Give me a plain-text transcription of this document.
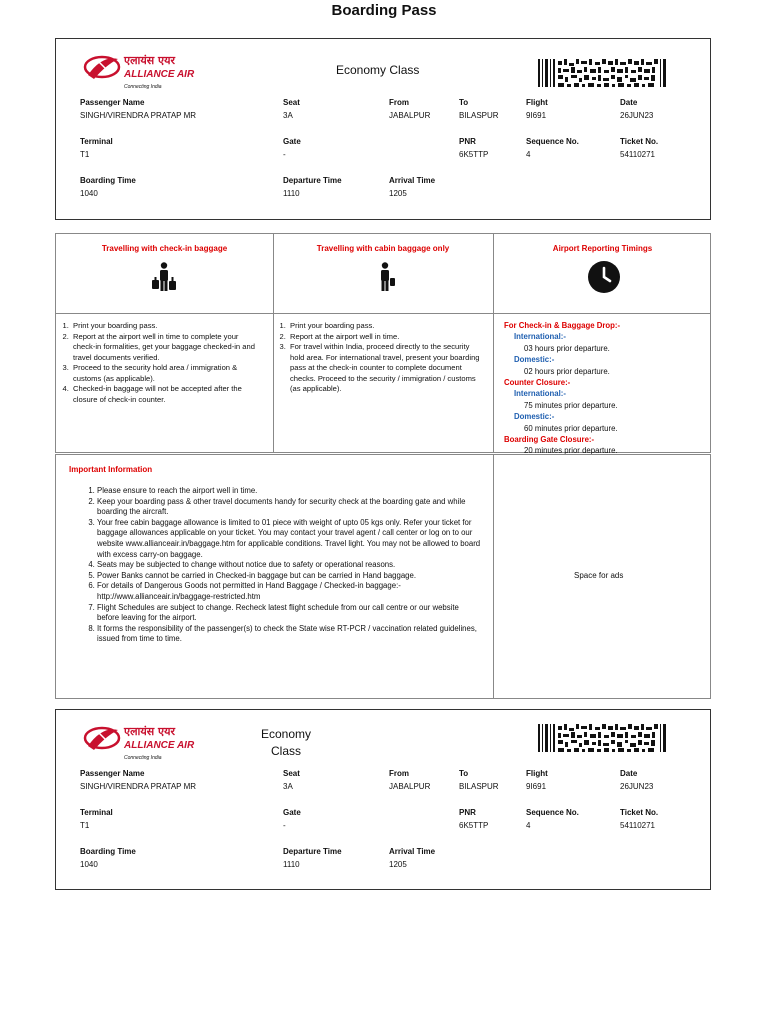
Boarding Pass
एलायंस एयर
ALLIANCE AIR
Connecting India
Economy Class
Passenger Name
SINGH/VIRENDRA PRATAP MR
Seat
3A
From
JABALPUR
To
BILASPUR
Flight
9I691
Date
26JUN23
Terminal
T1
Gate
-
PNR
6K5TTP
Sequence No.
4
Ticket No.
54110271
Boarding Time
1040
Departure Time
1110
Arrival Time
1205
Travelling with check-in baggage	Travelling with cabin baggage only	Airport Reporting Timings
1. Print your boarding pass.
2. Report at the airport well in time to complete your check-in formalities, get your baggage checked-in and travel documents verified.
3. Proceed to the security hold area / immigration & customs (as applicable).
4. Checked-in baggage will not be accepted after the closure of check-in counter.
1. Print your boarding pass.
2. Report at the airport well in time.
3. For travel within India, proceed directly to the security hold area. For international travel, present your boarding pass at the check-in counter to complete document checks. Proceed to the security / immigration / customs (as applicable).
For Check-in & Baggage Drop:-
International:-
03 hours prior departure.
Domestic:-
02 hours prior departure.
Counter Closure:-
International:-
75 minutes prior departure.
Domestic:-
60 minutes prior departure.
Boarding Gate Closure:-
20 minutes prior departure.
Important Information
1. Please ensure to reach the airport well in time.
2. Keep your boarding pass & other travel documents handy for security check at the boarding gate and while boarding the aircraft.
3. Your free cabin baggage allowance is limited to 01 piece with weight of upto 05 kgs only. Refer your ticket for baggage allowances applicable on your ticket. You may contact your travel agent / call center or log on to our website www.allianceair.in/baggage.htm for applicable conditions. Travel light. You may not be allowed to board with excess carry-on baggage.
4. Seats may be subjected to change without notice due to safety or operational reasons.
5. Power Banks cannot be carried in Checked-in baggage but can be carried in Hand baggage.
6. For details of Dangerous Goods not permitted in Hand Baggage / Checked-in baggage:- http://www.allianceair.in/baggage-restricted.htm
7. Flight Schedules are subject to change. Recheck latest flight schedule from our call centre or our website before leaving for the airport.
8. It forms the responsibility of the passenger(s) to check the State wise RT-PCR / vaccination related guidelines, issued from time to time.
Space for ads
एलायंस एयर
ALLIANCE AIR
Connecting India
Economy
Class
Passenger Name
SINGH/VIRENDRA PRATAP MR
Seat
3A
From
JABALPUR
To
BILASPUR
Flight
9I691
Date
26JUN23
Terminal
T1
Gate
-
PNR
6K5TTP
Sequence No.
4
Ticket No.
54110271
Boarding Time
1040
Departure Time
1110
Arrival Time
1205
